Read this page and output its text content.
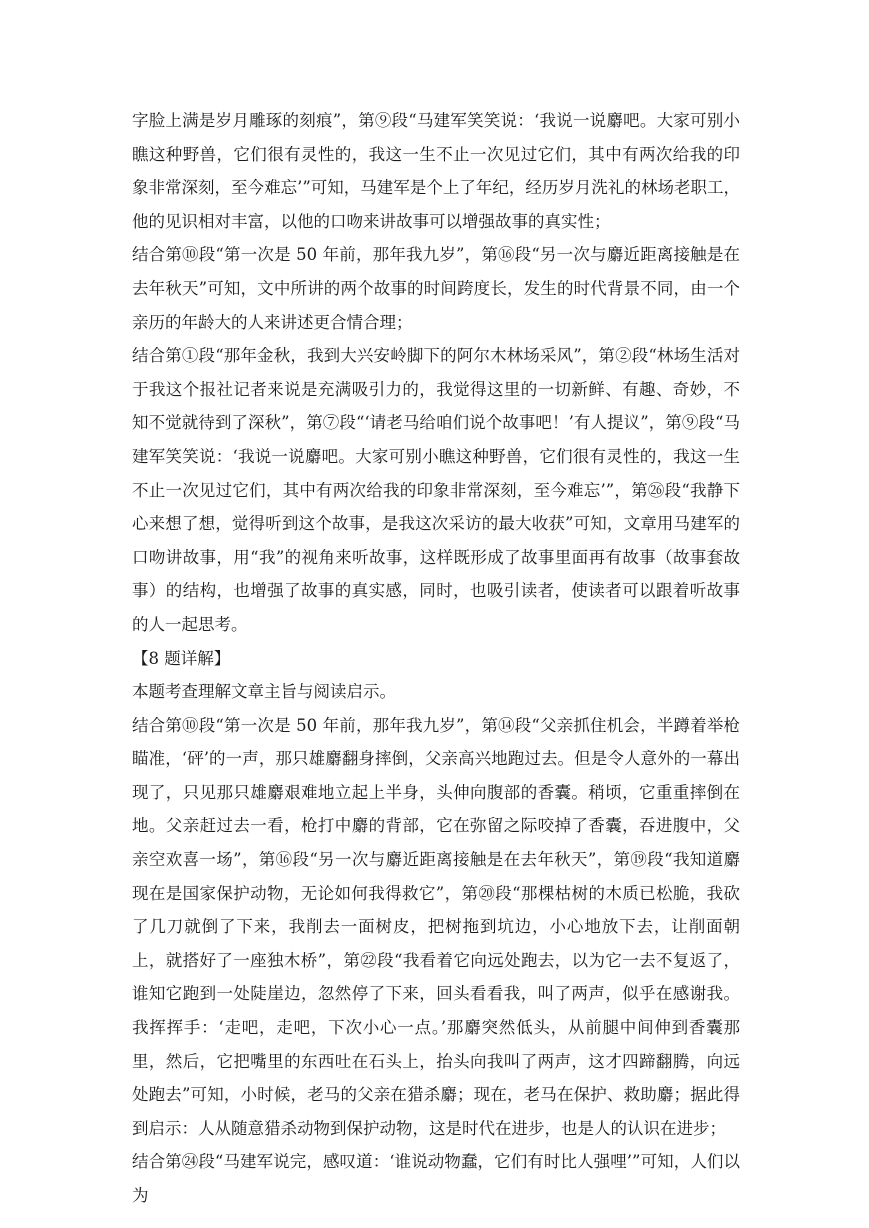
字脸上满是岁月雕琢的刻痕”，第⑨段“马建军笑笑说：‘我说一说麝吧。大家可别小瞧这种野兽，它们很有灵性的，我这一生不止一次见过它们，其中有两次给我的印象非常深刻，至今难忘’”可知，马建军是个上了年纪，经历岁月洗礼的林场老职工，他的见识相对丰富，以他的口吻来讲故事可以增强故事的真实性；

结合第⑩段“第一次是 50 年前，那年我九岁”，第⑯段“另一次与麝近距离接触是在去年秋天”可知，文中所讲的两个故事的时间跨度长，发生的时代背景不同，由一个亲历的年龄大的人来讲述更合情合理；

结合第①段“那年金秋，我到大兴安岭脚下的阿尔木林场采风”，第②段“林场生活对于我这个报社记者来说是充满吸引力的，我觉得这里的一切新鲜、有趣、奇妙，不知不觉就待到了深秋”，第⑦段“‘请老马给咱们说个故事吧！’有人提议”，第⑨段“马建军笑笑说：‘我说一说麝吧。大家可别小瞧这种野兽，它们很有灵性的，我这一生不止一次见过它们，其中有两次给我的印象非常深刻，至今难忘’”，第㉖段“我静下心来想了想，觉得听到这个故事，是我这次采访的最大收获”可知，文章用马建军的口吻讲故事，用“我”的视角来听故事，这样既形成了故事里面再有故事（故事套故事）的结构，也增强了故事的真实感，同时，也吸引读者，使读者可以跟着听故事的人一起思考。

【8 题详解】

本题考查理解文章主旨与阅读启示。

结合第⑩段“第一次是 50 年前，那年我九岁”，第⑭段“父亲抓住机会，半蹲着举枪瞄准，‘砰’的一声，那只雄麝翻身摔倒，父亲高兴地跑过去。但是令人意外的一幕出现了，只见那只雄麝艰难地立起上半身，头伸向腹部的香囊。稍顷，它重重摔倒在地。父亲赶过去一看，枪打中麝的背部，它在弥留之际咬掉了香囊，吞进腹中，父亲空欢喜一场”，第⑯段“另一次与麝近距离接触是在去年秋天”，第⑲段“我知道麝现在是国家保护动物，无论如何我得救它”，第⑳段“那棵枯树的木质已松脆，我砍了几刀就倒了下来，我削去一面树皮，把树拖到坑边，小心地放下去，让削面朝上，就搭好了一座独木桥”，第㉒段“我看着它向远处跑去，以为它一去不复返了，谁知它跑到一处陡崖边，忽然停了下来，回头看看我，叫了两声，似乎在感谢我。我挥挥手：‘走吧，走吧，下次小心一点。’那麝突然低头，从前腿中间伸到香囊那里，然后，它把嘴里的东西吐在石头上，抬头向我叫了两声，这才四蹄翻腾，向远处跑去”可知，小时候，老马的父亲在猎杀麝；现在，老马在保护、救助麝；据此得到启示：人从随意猎杀动物到保护动物，这是时代在进步，也是人的认识在进步；

结合第㉔段“马建军说完，感叹道：‘谁说动物蠢，它们有时比人强哩’”可知，人们以为
